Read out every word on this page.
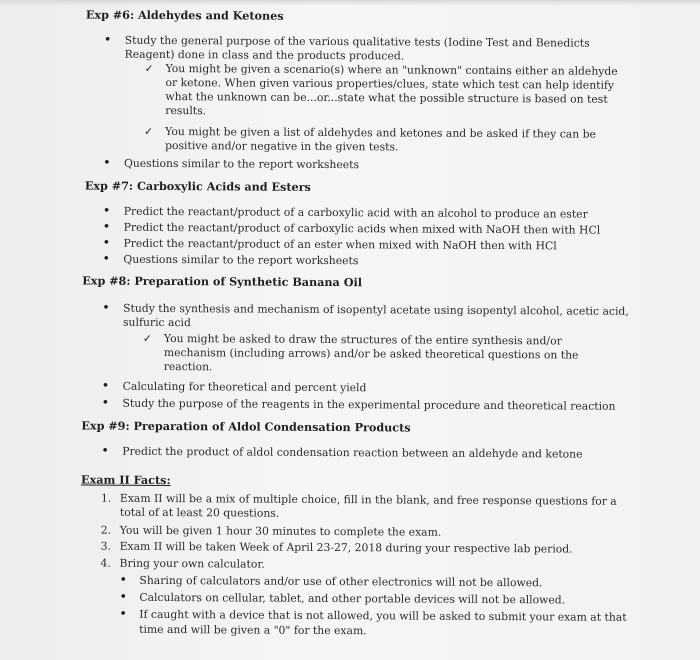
Exp #6: Aldehydes and Ketones
• Study the general purpose of the various qualitative tests (Iodine Test and Benedicts
Reagent) done in class and the products produced.
✓ You might be given a scenario(s) where an "unknown" contains either an aldehyde
or ketone. When given various properties/clues, state which test can help identify
what the unknown can be...or...state what the possible structure is based on test
results.
✓ You might be given a list of aldehydes and ketones and be asked if they can be
positive and/or negative in the given tests.
• Questions similar to the report worksheets
Exp #7: Carboxylic Acids and Esters
• Predict the reactant/product of a carboxylic acid with an alcohol to produce an ester
• Predict the reactant/product of carboxylic acids when mixed with NaOH then with HCl
• Predict the reactant/product of an ester when mixed with NaOH then with HCl
• Questions similar to the report worksheets
Exp #8: Preparation of Synthetic Banana Oil
• Study the synthesis and mechanism of isopentyl acetate using isopentyl alcohol, acetic acid,
sulfuric acid
✓ You might be asked to draw the structures of the entire synthesis and/or
mechanism (including arrows) and/or be asked theoretical questions on the
reaction.
• Calculating for theoretical and percent yield
• Study the purpose of the reagents in the experimental procedure and theoretical reaction
Exp #9: Preparation of Aldol Condensation Products
• Predict the product of aldol condensation reaction between an aldehyde and ketone
Exam II Facts:
1. Exam II will be a mix of multiple choice, fill in the blank, and free response questions for a
total of at least 20 questions.
2. You will be given 1 hour 30 minutes to complete the exam.
3. Exam II will be taken Week of April 23-27, 2018 during your respective lab period.
4. Bring your own calculator.
• Sharing of calculators and/or use of other electronics will not be allowed.
• Calculators on cellular, tablet, and other portable devices will not be allowed.
• If caught with a device that is not allowed, you will be asked to submit your exam at that
time and will be given a "0" for the exam.
